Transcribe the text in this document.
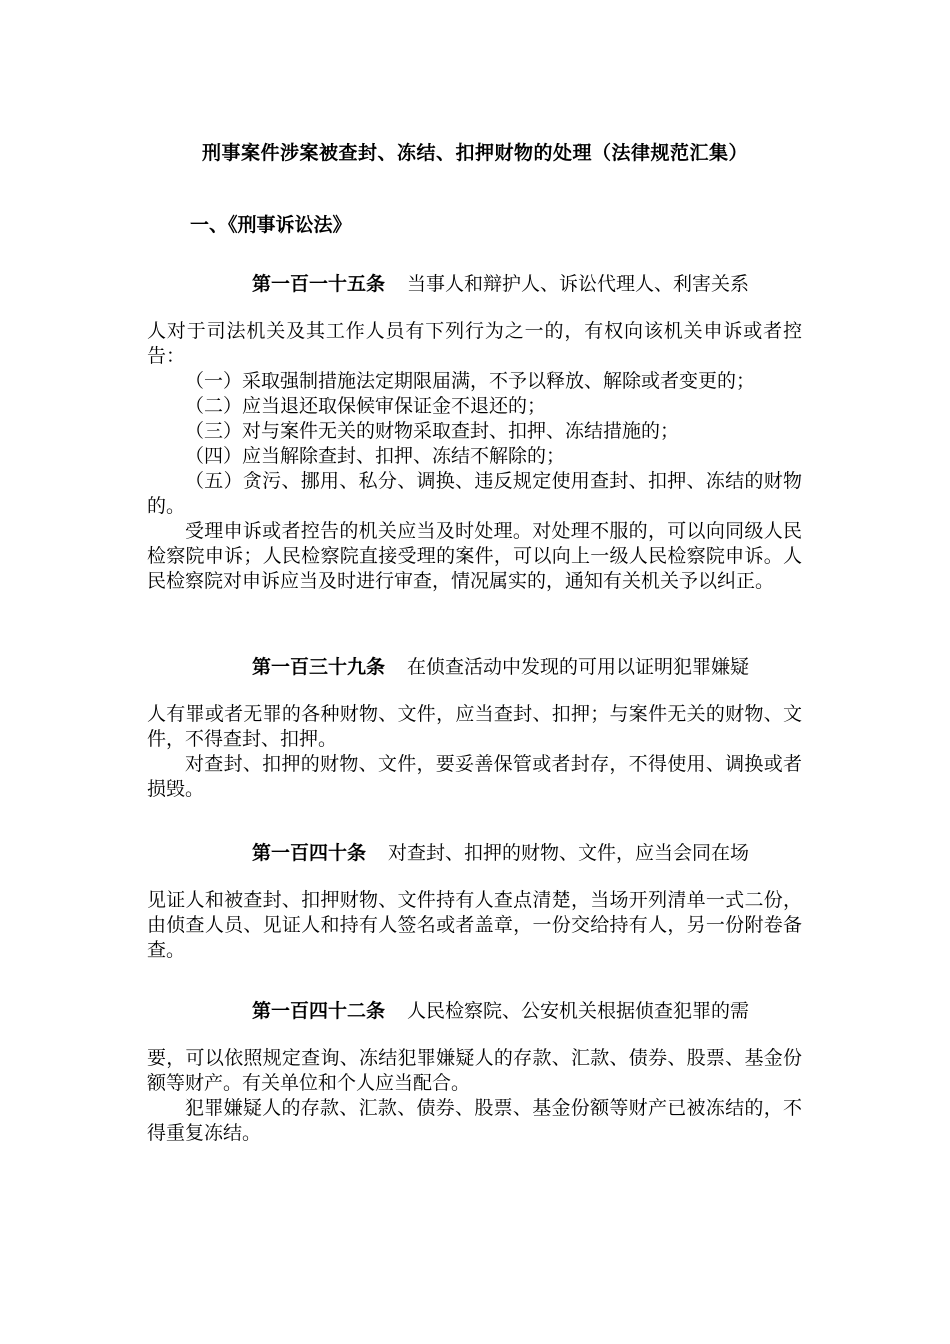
刑事案件涉案被查封、冻结、扣押财物的处理（法律规范汇集）
一、《刑事诉讼法》

第一百一十五条 当事人和辩护人、诉讼代理人、利害关系

人对于司法机关及其工作人员有下列行为之一的，有权向该机关申诉或者控告：

（一）采取强制措施法定期限届满，不予以释放、解除或者变更的；

（二）应当退还取保候审保证金不退还的；

（三）对与案件无关的财物采取查封、扣押、冻结措施的；

（四）应当解除查封、扣押、冻结不解除的；

（五）贪污、挪用、私分、调换、违反规定使用查封、扣押、冻结的财物的。

受理申诉或者控告的机关应当及时处理。对处理不服的，可以向同级人民检察院申诉；人民检察院直接受理的案件，可以向上一级人民检察院申诉。人民检察院对申诉应当及时进行审查，情况属实的，通知有关机关予以纠正。

第一百三十九条 在侦查活动中发现的可用以证明犯罪嫌疑

人有罪或者无罪的各种财物、文件，应当查封、扣押；与案件无关的财物、文件，不得查封、扣押。

对查封、扣押的财物、文件，要妥善保管或者封存，不得使用、调换或者损毁。

第一百四十条 对查封、扣押的财物、文件，应当会同在场

见证人和被查封、扣押财物、文件持有人查点清楚，当场开列清单一式二份，由侦查人员、见证人和持有人签名或者盖章，一份交给持有人，另一份附卷备查。

第一百四十二条 人民检察院、公安机关根据侦查犯罪的需

要，可以依照规定查询、冻结犯罪嫌疑人的存款、汇款、债券、股票、基金份额等财产。有关单位和个人应当配合。

犯罪嫌疑人的存款、汇款、债券、股票、基金份额等财产已被冻结的，不得重复冻结。
